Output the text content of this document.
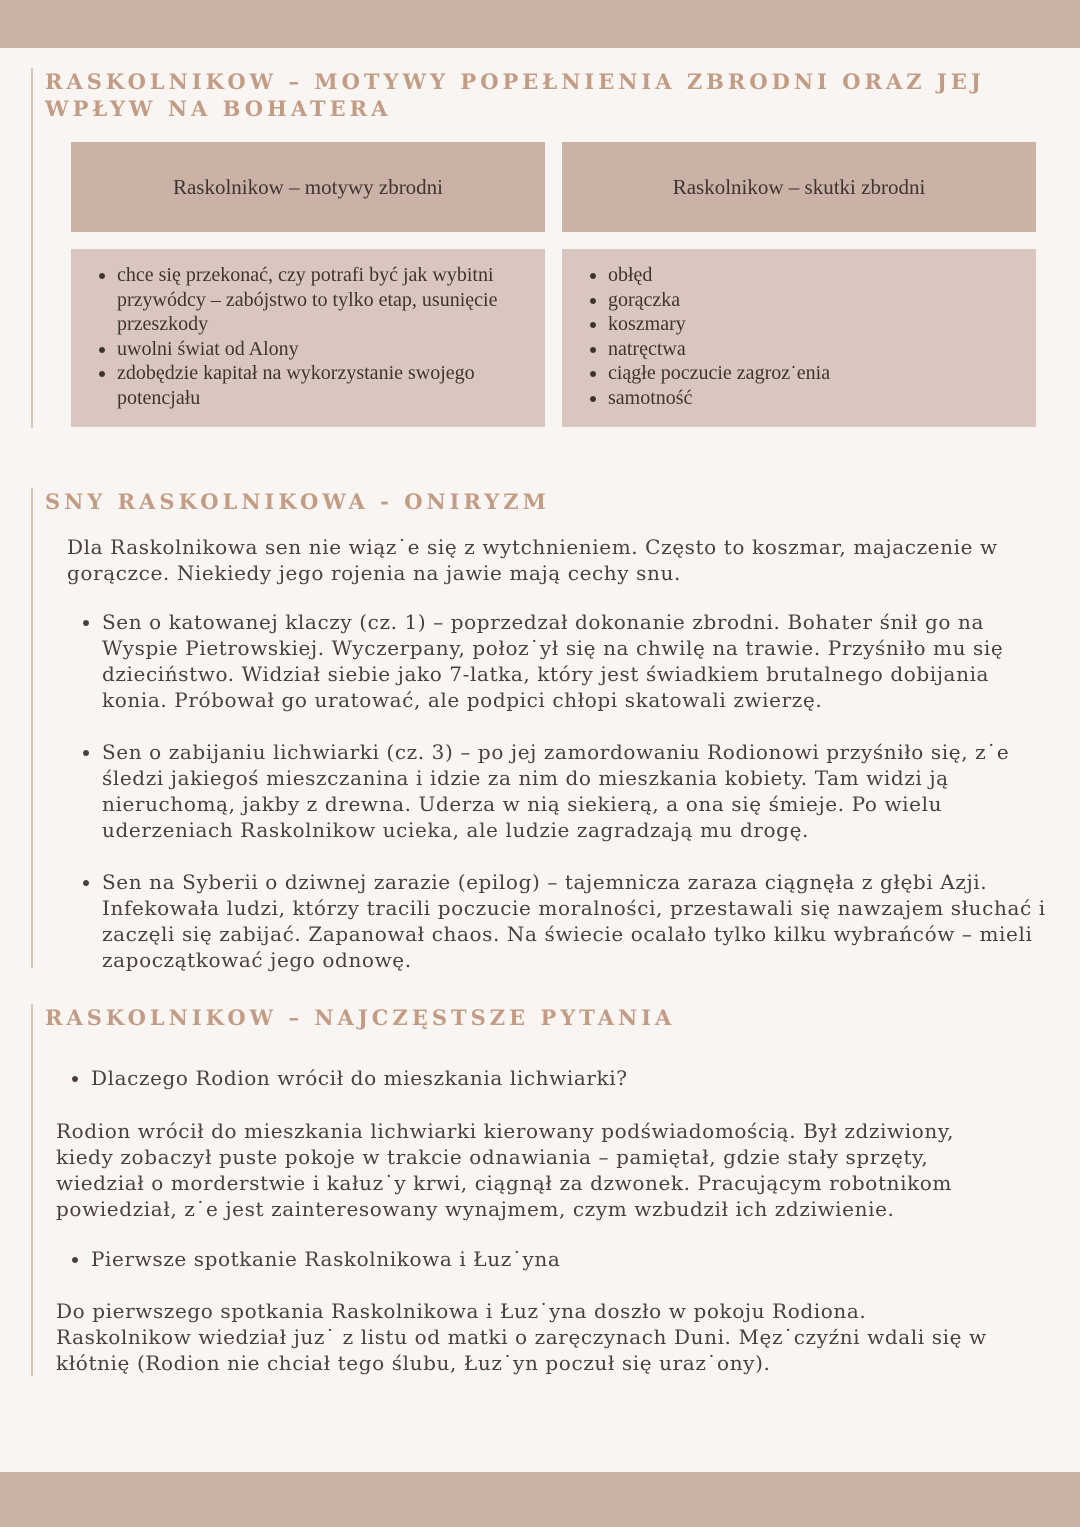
RASKOLNIKOW – MOTYWY POPEŁNIENIA ZBRODNI ORAZ JEJ
WPŁYW NA BOHATERA
Raskolnikow – motywy zbrodni	Raskolnikow – skutki zbrodni
• chce się przekonać, czy potrafi być jak wybitni przywódcy – zabójstwo to tylko etap, usunięcie przeszkody
• uwolni świat od Alony
• zdobędzie kapitał na wykorzystanie swojego potencjału
• obłęd
• gorączka
• koszmary
• natręctwa
• ciągłe poczucie zagroz˙enia
• samotność
SNY RASKOLNIKOWA - ONIRYZM

Dla Raskolnikowa sen nie wiąz˙e się z wytchnieniem. Często to koszmar, majaczenie w gorączce. Niekiedy jego rojenia na jawie mają cechy snu.

• Sen o katowanej klaczy (cz. 1) – poprzedzał dokonanie zbrodni. Bohater śnił go na Wyspie Pietrowskiej. Wyczerpany, połoz˙ył się na chwilę na trawie. Przyśniło mu się dzieciństwo. Widział siebie jako 7-latka, który jest świadkiem brutalnego dobijania konia. Próbował go uratować, ale podpici chłopi skatowali zwierzę.
• Sen o zabijaniu lichwiarki (cz. 3) – po jej zamordowaniu Rodionowi przyśniło się, z˙e śledzi jakiegoś mieszczanina i idzie za nim do mieszkania kobiety. Tam widzi ją nieruchomą, jakby z drewna. Uderza w nią siekierą, a ona się śmieje. Po wielu uderzeniach Raskolnikow ucieka, ale ludzie zagradzają mu drogę.
• Sen na Syberii o dziwnej zarazie (epilog) – tajemnicza zaraza ciągnęła z głębi Azji. Infekowała ludzi, którzy tracili poczucie moralności, przestawali się nawzajem słuchać i zaczęli się zabijać. Zapanował chaos. Na świecie ocalało tylko kilku wybrańców – mieli zapoczątkować jego odnowę.
RASKOLNIKOW – NAJCZĘSTSZE PYTANIA
• Dlaczego Rodion wrócił do mieszkania lichwiarki?

Rodion wrócił do mieszkania lichwiarki kierowany podświadomością. Był zdziwiony, kiedy zobaczył puste pokoje w trakcie odnawiania – pamiętał, gdzie stały sprzęty, wiedział o morderstwie i kałuz˙y krwi, ciągnął za dzwonek. Pracującym robotnikom powiedział, z˙e jest zainteresowany wynajmem, czym wzbudził ich zdziwienie.

• Pierwsze spotkanie Raskolnikowa i Łuz˙yna

Do pierwszego spotkania Raskolnikowa i Łuz˙yna doszło w pokoju Rodiona. Raskolnikow wiedział juz˙ z listu od matki o zaręczynach Duni. Męz˙czyźni wdali się w kłótnię (Rodion nie chciał tego ślubu, Łuz˙yn poczuł się uraz˙ony).
